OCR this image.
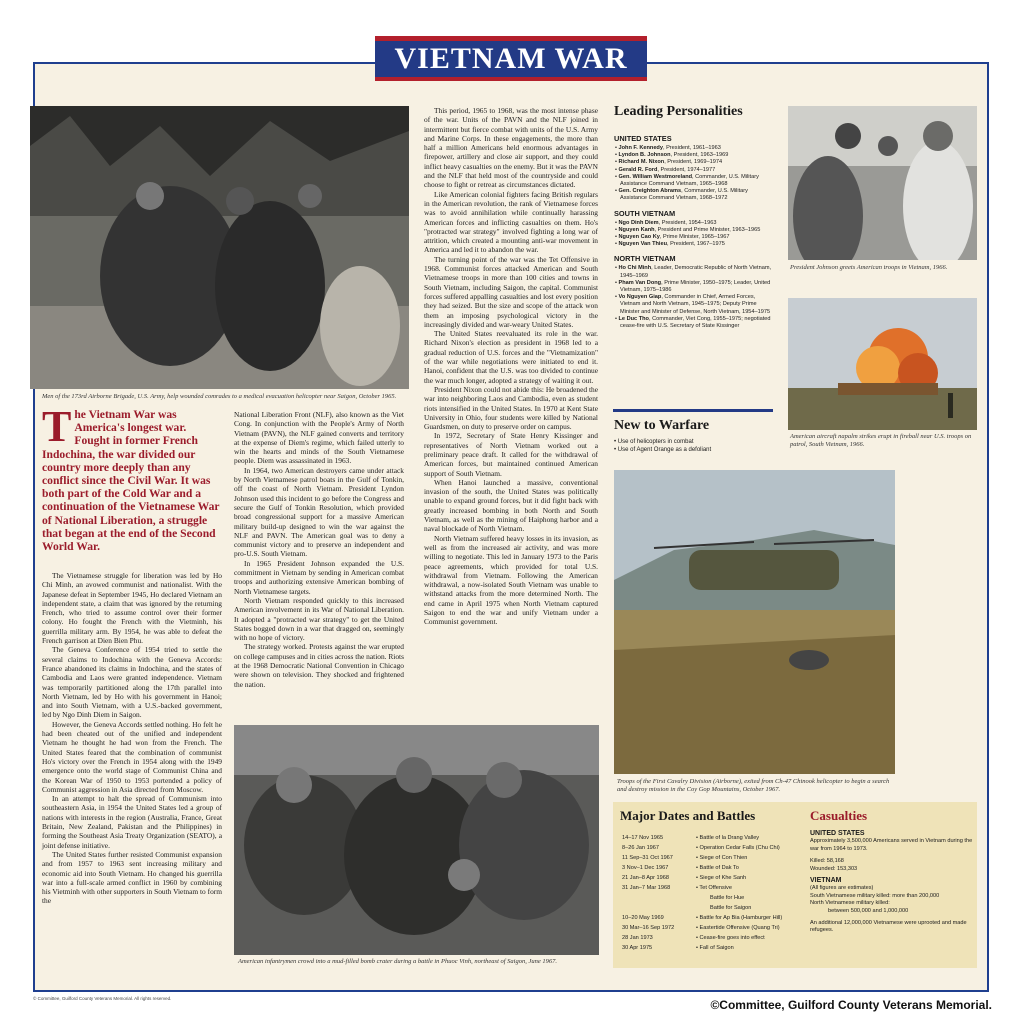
VIETNAM WAR
Men of the 173rd Airborne Brigade, U.S. Army, help wounded comrades to a medical evacuation helicopter near Saigon, October 1965.
President Johnson greets American troops in Vietnam, 1966.
American aircraft napalm strikes erupt in fireball near U.S. troops on patrol, South Vietnam, 1966.
Troops of the First Cavalry Division (Airborne), exited from Ch-47 Chinook helicopter to begin a search and destroy mission in the Coy Gop Mountains, October 1967.
American infantrymen crowd into a mud-filled bomb crater during a battle in Phuoc Vinh, northeast of Saigon, June 1967.
The Vietnam War was America's longest war. Fought in former French Indochina, the war divided our country more deeply than any conflict since the Civil War. It was both part of the Cold War and a continuation of the Vietnamese War of National Liberation, a struggle that began at the end of the Second World War.

The Vietnamese struggle for liberation was led by Ho Chi Minh, an avowed communist and nationalist. With the Japanese defeat in September 1945, Ho declared Vietnam an independent state, a claim that was ignored by the returning French, who tried to assume control over their former colony. Ho fought the French with the Vietminh, his guerrilla military arm. By 1954, he was able to defeat the French garrison at Dien Bien Phu.

The Geneva Conference of 1954 tried to settle the several claims to Indochina with the Geneva Accords: France abandoned its claims in Indochina, and the states of Cambodia and Laos were granted independence. Vietnam was temporarily partitioned along the 17th parallel into North Vietnam, led by Ho with his government in Hanoi; and into South Vietnam, with a U.S.-backed government, led by Ngo Dinh Diem in Saigon.

However, the Geneva Accords settled nothing. Ho felt he had been cheated out of the unified and independent Vietnam he thought he had won from the French. The United States feared that the combination of communist Ho's victory over the French in 1954 along with the 1949 emergence onto the world stage of Communist China and the Korean War of 1950 to 1953 portended a policy of Communist aggression in Asia directed from Moscow.

In an attempt to halt the spread of Communism into southeastern Asia, in 1954 the United States led a group of nations with interests in the region (Australia, France, Great Britain, New Zealand, Pakistan and the Philippines) in forming the Southeast Asia Treaty Organization (SEATO), a joint defense initiative.

The United States further resisted Communist expansion and from 1957 to 1963 sent increasing military and economic aid into South Vietnam. Ho changed his guerrilla war into a full-scale armed conflict in 1960 by combining his Vietminh with other supporters in South Vietnam to form the

National Liberation Front (NLF), also known as the Viet Cong. In conjunction with the People's Army of North Vietnam (PAVN), the NLF gained converts and territory at the expense of Diem's regime, which failed utterly to win the hearts and minds of the South Vietnamese people. Diem was assassinated in 1963.

In 1964, two American destroyers came under attack by North Vietnamese patrol boats in the Gulf of Tonkin, off the coast of North Vietnam. President Lyndon Johnson used this incident to go before the Congress and secure the Gulf of Tonkin Resolution, which provided broad congressional support for a massive American military build-up designed to win the war against the NLF and PAVN. The American goal was to deny a communist victory and to preserve an independent and pro-U.S. South Vietnam.

In 1965 President Johnson expanded the U.S. commitment in Vietnam by sending in American combat troops and authorizing extensive American bombing of North Vietnamese targets.

North Vietnam responded quickly to this increased American involvement in its War of National Liberation. It adopted a "protracted war strategy" to get the United States bogged down in a war that dragged on, seemingly with no hope of victory.

The strategy worked. Protests against the war erupted on college campuses and in cities across the nation. Riots at the 1968 Democratic National Convention in Chicago were shown on television. They shocked and frightened the nation.

This period, 1965 to 1968, was the most intense phase of the war. Units of the PAVN and the NLF joined in intermittent but fierce combat with units of the U.S. Army and Marine Corps. In these engagements, the more than half a million Americans held enormous advantages in firepower, artillery and close air support, and they could inflict heavy casualties on the enemy. But it was the PAVN and the NLF that held most of the countryside and could choose to fight or retreat as circumstances dictated.

Like American colonial fighters facing British regulars in the American revolution, the rank of Vietnamese forces was to avoid annihilation while continually harassing American forces and inflicting casualties on them. Ho's "protracted war strategy" involved fighting a long war of attrition, which created a mounting anti-war movement in America and led it to abandon the war.

The turning point of the war was the Tet Offensive in 1968. Communist forces attacked American and South Vietnamese troops in more than 100 cities and towns in South Vietnam, including Saigon, the capital. Communist forces suffered appalling casualties and lost every position they had seized. But the size and scope of the attack won them an imposing psychological victory in the increasingly divided and war-weary United States.

The United States reevaluated its role in the war. Richard Nixon's election as president in 1968 led to a gradual reduction of U.S. forces and the "Vietnamization" of the war while negotiations were initiated to end it. Hanoi, confident that the U.S. was too divided to continue the war much longer, adopted a strategy of waiting it out.

President Nixon could not abide this: He broadened the war into neighboring Laos and Cambodia, even as student riots intensified in the United States. In 1970 at Kent State University in Ohio, four students were killed by National Guardsmen, on duty to preserve order on campus.

In 1972, Secretary of State Henry Kissinger and representatives of North Vietnam worked out a preliminary peace draft. It called for the withdrawal of American forces, but maintained continued American support of South Vietnam.

When Hanoi launched a massive, conventional invasion of the south, the United States was politically unable to expand ground forces, but it did fight back with greatly increased bombing in both North and South Vietnam, as well as the mining of Haiphong harbor and a naval blockade of North Vietnam.

North Vietnam suffered heavy losses in its invasion, as well as from the increased air activity, and was more willing to negotiate. This led in January 1973 to the Paris peace agreements, which provided for total U.S. withdrawal from Vietnam. Following the American withdrawal, a now-isolated South Vietnam was unable to withstand attacks from the more determined North. The end came in April 1975 when North Vietnam captured Saigon to end the war and unify Vietnam under a Communist government.

Leading Personalities
UNITED STATES
• John F. Kennedy, President, 1961–1963
• Lyndon B. Johnson, President, 1963–1969
• Richard M. Nixon, President, 1969–1974
• Gerald R. Ford, President, 1974–1977
• Gen. William Westmoreland, Commander, U.S. Military Assistance Command Vietnam, 1965–1968
• Gen. Creighton Abrams, Commander, U.S. Military Assistance Command Vietnam, 1968–1972
SOUTH VIETNAM
• Ngo Dinh Diem, President, 1954–1963
• Nguyen Kanh, President and Prime Minister, 1963–1965
• Nguyen Cao Ky, Prime Minister, 1965–1967
• Nguyen Van Thieu, President, 1967–1975
NORTH VIETNAM
• Ho Chi Minh, Leader, Democratic Republic of North Vietnam, 1945–1969
• Pham Van Dong, Prime Minister, 1950–1975; Leader, United Vietnam, 1975–1986
• Vo Nguyen Giap, Commander in Chief, Armed Forces, Vietnam and North Vietnam, 1945–1975; Deputy Prime Minister and Minister of Defense, North Vietnam, 1954–1975
• Le Duc Tho, Commander, Viet Cong, 1955–1975; negotiated cease-fire with U.S. Secretary of State Kissinger
New to Warfare
• Use of helicopters in combat
• Use of Agent Orange as a defoliant
Major Dates and Battles
14–17 Nov 1965	• Battle of la Drang Valley
8–26 Jan 1967	• Operation Cedar Falls (Chu Chi)
11 Sep–31 Oct 1967	• Siege of Con Thien
3 Nov–1 Dec 1967	• Battle of Dak To
21 Jan–8 Apr 1968	• Siege of Khe Sanh
31 Jan–7 Mar 1968	• Tet Offensive
	Battle for Hue
	Battle for Saigon
10–20 May 1969	• Battle for Ap Bia (Hamburger Hill)
30 Mar–16 Sep 1972	• Eastertide Offensive (Quang Tri)
28 Jan 1973	• Cease-fire goes into effect
30 Apr 1975	• Fall of Saigon
Casualties
UNITED STATES
Approximately 3,500,000 Americans served in Vietnam during the war from 1964 to 1973.
Killed: 58,168
Wounded: 153,303
VIETNAM
(All figures are estimates)
South Vietnamese military killed: more than 200,000
North Vietnamese military killed:
between 500,000 and 1,000,000
An additional 12,000,000 Vietnamese were uprooted and made refugees.
© Committee, Guilford County Veterans Memorial. All rights reserved.	©Committee, Guilford County Veterans Memorial.
